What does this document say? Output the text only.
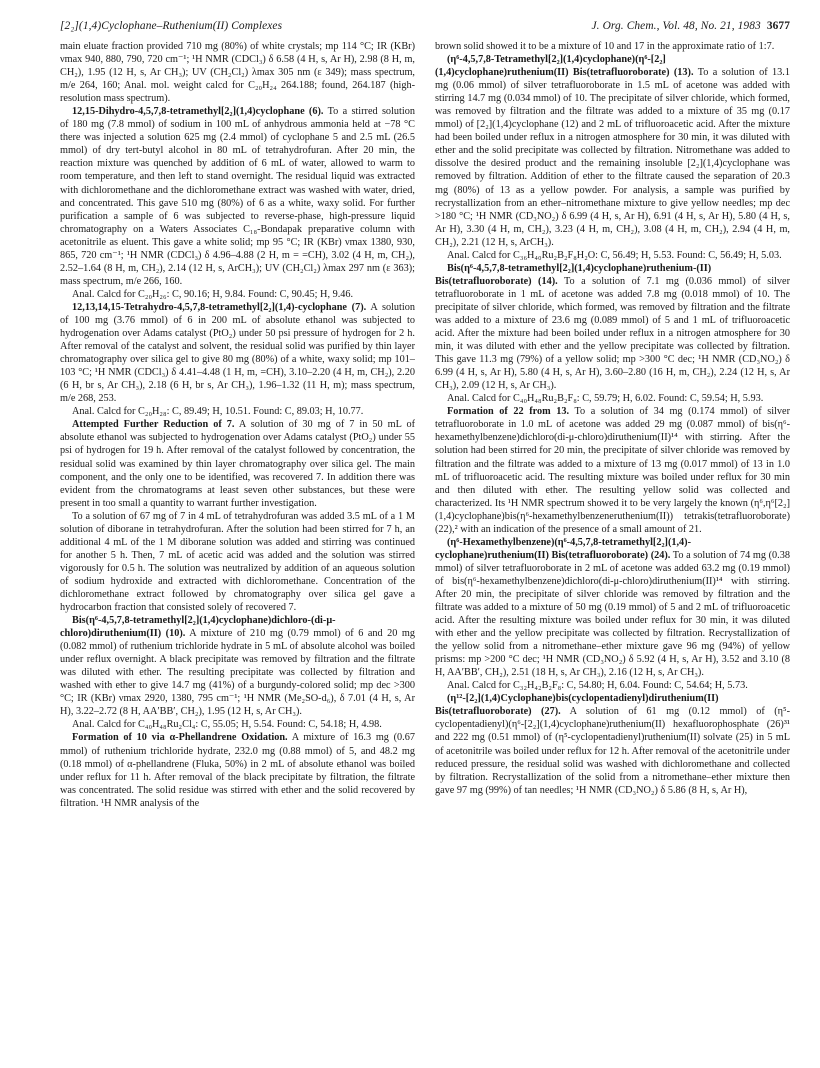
[2₂](1,4)Cyclophane–Ruthenium(II) Complexes	J. Org. Chem., Vol. 48, No. 21, 1983 3677

main eluate fraction provided 710 mg (80%) of white crystals; mp 114 °C; IR (KBr) νmax 940, 880, 790, 720 cm⁻¹; ¹H NMR (CDCl₃) δ 6.58 (4 H, s, Ar H), 2.98 (8 H, m, CH₂), 1.95 (12 H, s, Ar CH₃); UV (CH₂Cl₂) λmax 305 nm (ε 349); mass spectrum, m/e 264, 160; Anal. mol. weight calcd for C₂₀H₂₄ 264.188; found, 264.187 (high-resolution mass spectrum).

12,15-Dihydro-4,5,7,8-tetramethyl[2₂](1,4)cyclophane (6). To a stirred solution of 180 mg (7.8 mmol) of sodium in 100 mL of anhydrous ammonia held at −78 °C there was injected a solution 625 mg (2.4 mmol) of cyclophane 5 and 2.5 mL (26.5 mmol) of dry tert-butyl alcohol in 80 mL of tetrahydrofuran. After 20 min, the reaction mixture was quenched by addition of 6 mL of water, allowed to warm to room temperature, and then left to stand overnight. The residual liquid was extracted with dichloromethane and the dichloromethane extract was washed with water, dried, and concentrated. This gave 510 mg (80%) of 6 as a white, waxy solid. For further purification a sample of 6 was subjected to reverse-phase, high-pressure liquid chromatography on a Waters Associates C₁₈-Bondapak preparative column with acetonitrile as eluent. This gave a white solid; mp 95 °C; IR (KBr) νmax 1380, 930, 865, 720 cm⁻¹; ¹H NMR (CDCl₃) δ 4.96–4.88 (2 H, m = =CH), 3.02 (4 H, m, CH₂), 2.52–1.64 (8 H, m, CH₂), 2.14 (12 H, s, ArCH₃); UV (CH₂Cl₂) λmax 297 nm (ε 363); mass spectrum, m/e 266, 160.

Anal. Calcd for C₂₀H₂₆: C, 90.16; H, 9.84. Found: C, 90.45; H, 9.46.

12,13,14,15-Tetrahydro-4,5,7,8-tetramethyl[2₂](1,4)-cyclophane (7). A solution of 100 mg (3.76 mmol) of 6 in 200 mL of absolute ethanol was subjected to hydrogenation over Adams catalyst (PtO₂) under 50 psi pressure of hydrogen for 2 h. After removal of the catalyst and solvent, the residual solid was purified by thin layer chromatography over silica gel to give 80 mg (80%) of a white, waxy solid; mp 101–103 °C; ¹H NMR (CDCl₃) δ 4.41–4.48 (1 H, m, =CH), 3.10–2.20 (4 H, m, CH₂), 2.20 (6 H, br s, Ar CH₃), 2.18 (6 H, br s, Ar CH₃), 1.96–1.32 (11 H, m); mass spectrum, m/e 268, 253.

Anal. Calcd for C₂₀H₂₈: C, 89.49; H, 10.51. Found: C, 89.03; H, 10.77.

Attempted Further Reduction of 7. A solution of 30 mg of 7 in 50 mL of absolute ethanol was subjected to hydrogenation over Adams catalyst (PtO₂) under 55 psi of hydrogen for 19 h. After removal of the catalyst followed by concentration, the residual solid was examined by thin layer chromatography over silica gel. The main component, and the only one to be identified, was recovered 7. In addition there was evident from the chromatograms at least seven other substances, but these were present in too small a quantity to warrant further investigation.

To a solution of 67 mg of 7 in 4 mL of tetrahydrofuran was added 3.5 mL of a 1 M solution of diborane in tetrahydrofuran. After the solution had been stirred for 7 h, an additional 4 mL of the 1 M diborane solution was added and stirring was continued for another 5 h. Then, 7 mL of acetic acid was added and the solution was stirred vigorously for 0.5 h. The solution was neutralized by addition of an aqueous solution of sodium hydroxide and extracted with dichloromethane. Concentration of the dichloromethane extract followed by chromatography over silica gel gave a hydrocarbon fraction that consisted solely of recovered 7.

Bis(η⁶-4,5,7,8-tetramethyl[2₂](1,4)cyclophane)dichloro-(di-μ-chloro)diruthenium(II) (10). A mixture of 210 mg (0.79 mmol) of 6 and 20 mg (0.082 mmol) of ruthenium trichloride hydrate in 5 mL of absolute alcohol was boiled under reflux overnight. A black precipitate was removed by filtration and the filtrate was diluted with ether. The resulting precipitate was collected by filtration and washed with ether to give 14.7 mg (41%) of a burgundy-colored solid; mp dec >300 °C; IR (KBr) νmax 2920, 1380, 795 cm⁻¹; ¹H NMR (Me₂SO-d₆), δ 7.01 (4 H, s, Ar H), 3.22–2.72 (8 H, AA′BB′, CH₂), 1.95 (12 H, s, Ar CH₃).

Anal. Calcd for C₄₀H₄₈Ru₂Cl₄: C, 55.05; H, 5.54. Found: C, 54.18; H, 4.98.

Formation of 10 via α-Phellandrene Oxidation. A mixture of 16.3 mg (0.67 mmol) of ruthenium trichloride hydrate, 232.0 mg (0.88 mmol) of 5, and 48.2 mg (0.18 mmol) of α-phellandrene (Fluka, 50%) in 2 mL of absolute ethanol was boiled under reflux for 11 h. After removal of the black precipitate by filtration, the filtrate was concentrated. The solid residue was stirred with ether and the solid recovered by filtration. ¹H NMR analysis of the

brown solid showed it to be a mixture of 10 and 17 in the approximate ratio of 1:7.

(η⁶-4,5,7,8-Tetramethyl[2₂](1,4)cyclophane)(η⁶-[2₂](1,4)cyclophane)ruthenium(II) Bis(tetrafluoroborate) (13). To a solution of 13.1 mg (0.06 mmol) of silver tetrafluoroborate in 1.5 mL of acetone was added with stirring 14.7 mg (0.034 mmol) of 10. The precipitate of silver chloride, which formed, was removed by filtration and the filtrate was added to a mixture of 35 mg (0.17 mmol) of [2₂](1,4)cyclophane (12) and 2 mL of trifluoroacetic acid. After the mixture had been boiled under reflux in a nitrogen atmosphere for 30 min, it was diluted with ether and the solid precipitate was collected by filtration. Nitromethane was added to dissolve the desired product and the remaining insoluble [2₂](1,4)cyclophane was removed by filtration. Addition of ether to the filtrate caused the separation of 20.3 mg (80%) of 13 as a yellow powder. For analysis, a sample was purified by recrystallization from an ether–nitromethane mixture to give yellow needles; mp dec >180 °C; ¹H NMR (CD₃NO₂) δ 6.99 (4 H, s, Ar H), 6.91 (4 H, s, Ar H), 5.80 (4 H, s, Ar H), 3.30 (4 H, m, CH₂), 3.23 (4 H, m, CH₂), 3.08 (4 H, m, CH₂), 2.94 (4 H, m, CH₂), 2.21 (12 H, s, ArCH₃).

Anal. Calcd for C₃₆H₄₀Ru₂B₂F₈H₂O: C, 56.49; H, 5.53. Found: C, 56.49; H, 5.03.

Bis(η⁶-4,5,7,8-tetramethyl[2₂](1,4)cyclophane)ruthenium-(II) Bis(tetrafluoroborate) (14). To a solution of 7.1 mg (0.036 mmol) of silver tetrafluoroborate in 1 mL of acetone was added 7.8 mg (0.018 mmol) of 10. The precipitate of silver chloride, which formed, was removed by filtration and the filtrate was added to a mixture of 23.6 mg (0.089 mmol) of 5 and 1 mL of trifluoroacetic acid. After the mixture had been boiled under reflux in a nitrogen atmosphere for 30 min, it was diluted with ether and the yellow precipitate was collected by filtration. This gave 11.3 mg (79%) of a yellow solid; mp >300 °C dec; ¹H NMR (CD₃NO₂) δ 6.99 (4 H, s, Ar H), 5.80 (4 H, s, Ar H), 3.60–2.80 (16 H, m, CH₂), 2.24 (12 H, s, Ar CH₃), 2.09 (12 H, s, Ar CH₃).

Anal. Calcd for C₄₀H₄₈Ru₂B₂F₈: C, 59.79; H, 6.02. Found: C, 59.54; H, 5.93.

Formation of 22 from 13. To a solution of 34 mg (0.174 mmol) of silver tetrafluoroborate in 1.0 mL of acetone was added 29 mg (0.087 mmol) of bis(η⁶-hexamethylbenzene)dichloro(di-μ-chloro)diruthenium(II)¹⁴ with stirring. After the solution had been stirred for 20 min, the precipitate of silver chloride was removed by filtration and the filtrate was added to a mixture of 13 mg (0.017 mmol) of 13 in 1.0 mL of trifluoroacetic acid. The resulting mixture was boiled under reflux for 30 min and then diluted with ether. The resulting yellow solid was collected and characterized. Its ¹H NMR spectrum showed it to be very largely the known (η⁶,η⁶[2₂](1,4)cyclophane)bis(η⁶-hexamethylbenzeneruthenium(II)) tetrakis(tetrafluoroborate) (22),² with an indication of the presence of a small amount of 21.

(η⁶-Hexamethylbenzene)(η⁶-4,5,7,8-tetramethyl[2₂](1,4)-cyclophane)ruthenium(II) Bis(tetrafluoroborate) (24). To a solution of 74 mg (0.38 mmol) of silver tetrafluoroborate in 2 mL of acetone was added 63.2 mg (0.19 mmol) of bis(η⁶-hexamethylbenzene)dichloro(di-μ-chloro)diruthenium(II)¹⁴ with stirring. After 20 min, the precipitate of silver chloride was removed by filtration and the filtrate was added to a mixture of 50 mg (0.19 mmol) of 5 and 2 mL of trifluoroacetic acid. After the resulting mixture was boiled under reflux for 30 min, it was diluted with ether and the yellow precipitate was collected by filtration. Recrystallization of the yellow solid from a nitromethane–ether mixture gave 96 mg (94%) of yellow prisms: mp >200 °C dec; ¹H NMR (CD₃NO₂) δ 5.92 (4 H, s, Ar H), 3.52 and 3.10 (8 H, AA′BB′, CH₂), 2.51 (18 H, s, Ar CH₃), 2.16 (12 H, s, Ar CH₃).

Anal. Calcd for C₃₂H₄₂B₂F₈: C, 54.80; H, 6.04. Found: C, 54.64; H, 5.73.

(η¹²-[2₂](1,4)Cyclophane)bis(cyclopentadienyl)diruthenium(II) Bis(tetrafluoroborate) (27). A solution of 61 mg (0.12 mmol) of (η⁵-cyclopentadienyl)(η⁶-[2₂](1,4)cyclophane)ruthenium(II) hexafluorophosphate (26)³¹ and 222 mg (0.51 mmol) of (η⁵-cyclopentadienyl)ruthenium(II) solvate (25) in 5 mL of acetonitrile was boiled under reflux for 12 h. After removal of the acetonitrile under reduced pressure, the residual solid was washed with dichloromethane and collected by filtration. Recrystallization of the solid from a nitromethane–ether mixture then gave 97 mg (99%) of tan needles; ¹H NMR (CD₃NO₂) δ 5.86 (8 H, s, Ar H),
